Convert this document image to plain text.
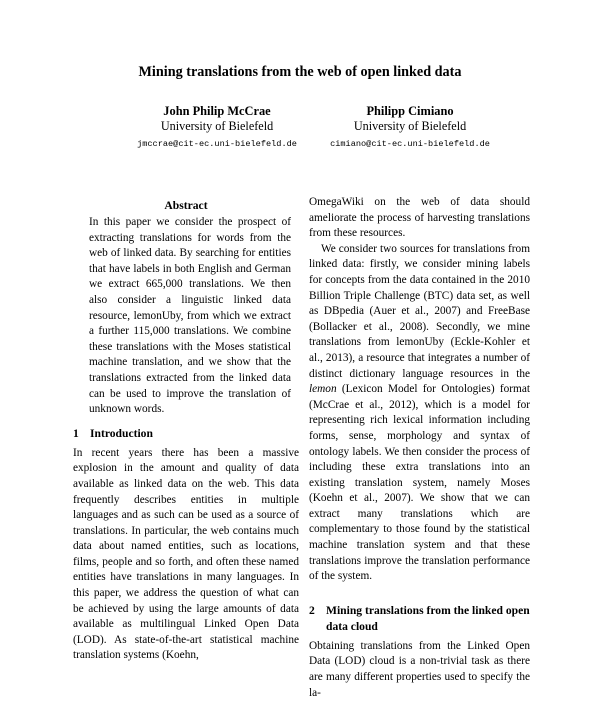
Mining translations from the web of open linked data
John Philip McCrae
University of Bielefeld
jmccrae@cit-ec.uni-bielefeld.de
Philipp Cimiano
University of Bielefeld
cimiano@cit-ec.uni-bielefeld.de
Abstract

In this paper we consider the prospect of extracting translations for words from the web of linked data. By searching for entities that have labels in both English and German we extract 665,000 translations. We then also consider a linguistic linked data resource, lemonUby, from which we extract a further 115,000 translations. We combine these translations with the Moses statistical machine translation, and we show that the translations extracted from the linked data can be used to improve the translation of unknown words.

1 Introduction

In recent years there has been a massive explosion in the amount and quality of data available as linked data on the web. This data frequently describes entities in multiple languages and as such can be used as a source of translations. In particular, the web contains much data about named entities, such as locations, films, people and so forth, and often these named entities have translations in many languages. In this paper, we address the question of what can be achieved by using the large amounts of data available as multilingual Linked Open Data (LOD). As state-of-the-art statistical machine translation systems (Koehn,

OmegaWiki on the web of data should ameliorate the process of harvesting translations from these resources.

We consider two sources for translations from linked data: firstly, we consider mining labels for concepts from the data contained in the 2010 Billion Triple Challenge (BTC) data set, as well as DBpedia (Auer et al., 2007) and FreeBase (Bollacker et al., 2008). Secondly, we mine translations from lemonUby (Eckle-Kohler et al., 2013), a resource that integrates a number of distinct dictionary language resources in the lemon (Lexicon Model for Ontologies) format (McCrae et al., 2012), which is a model for representing rich lexical information including forms, sense, morphology and syntax of ontology labels. We then consider the process of including these extra translations into an existing translation system, namely Moses (Koehn et al., 2007). We show that we can extract many translations which are complementary to those found by the statistical machine translation system and that these translations improve the translation performance of the system.

2 Mining translations from the linked open data cloud

Obtaining translations from the Linked Open Data (LOD) cloud is a non-trivial task as there are many different properties used to specify the la-
